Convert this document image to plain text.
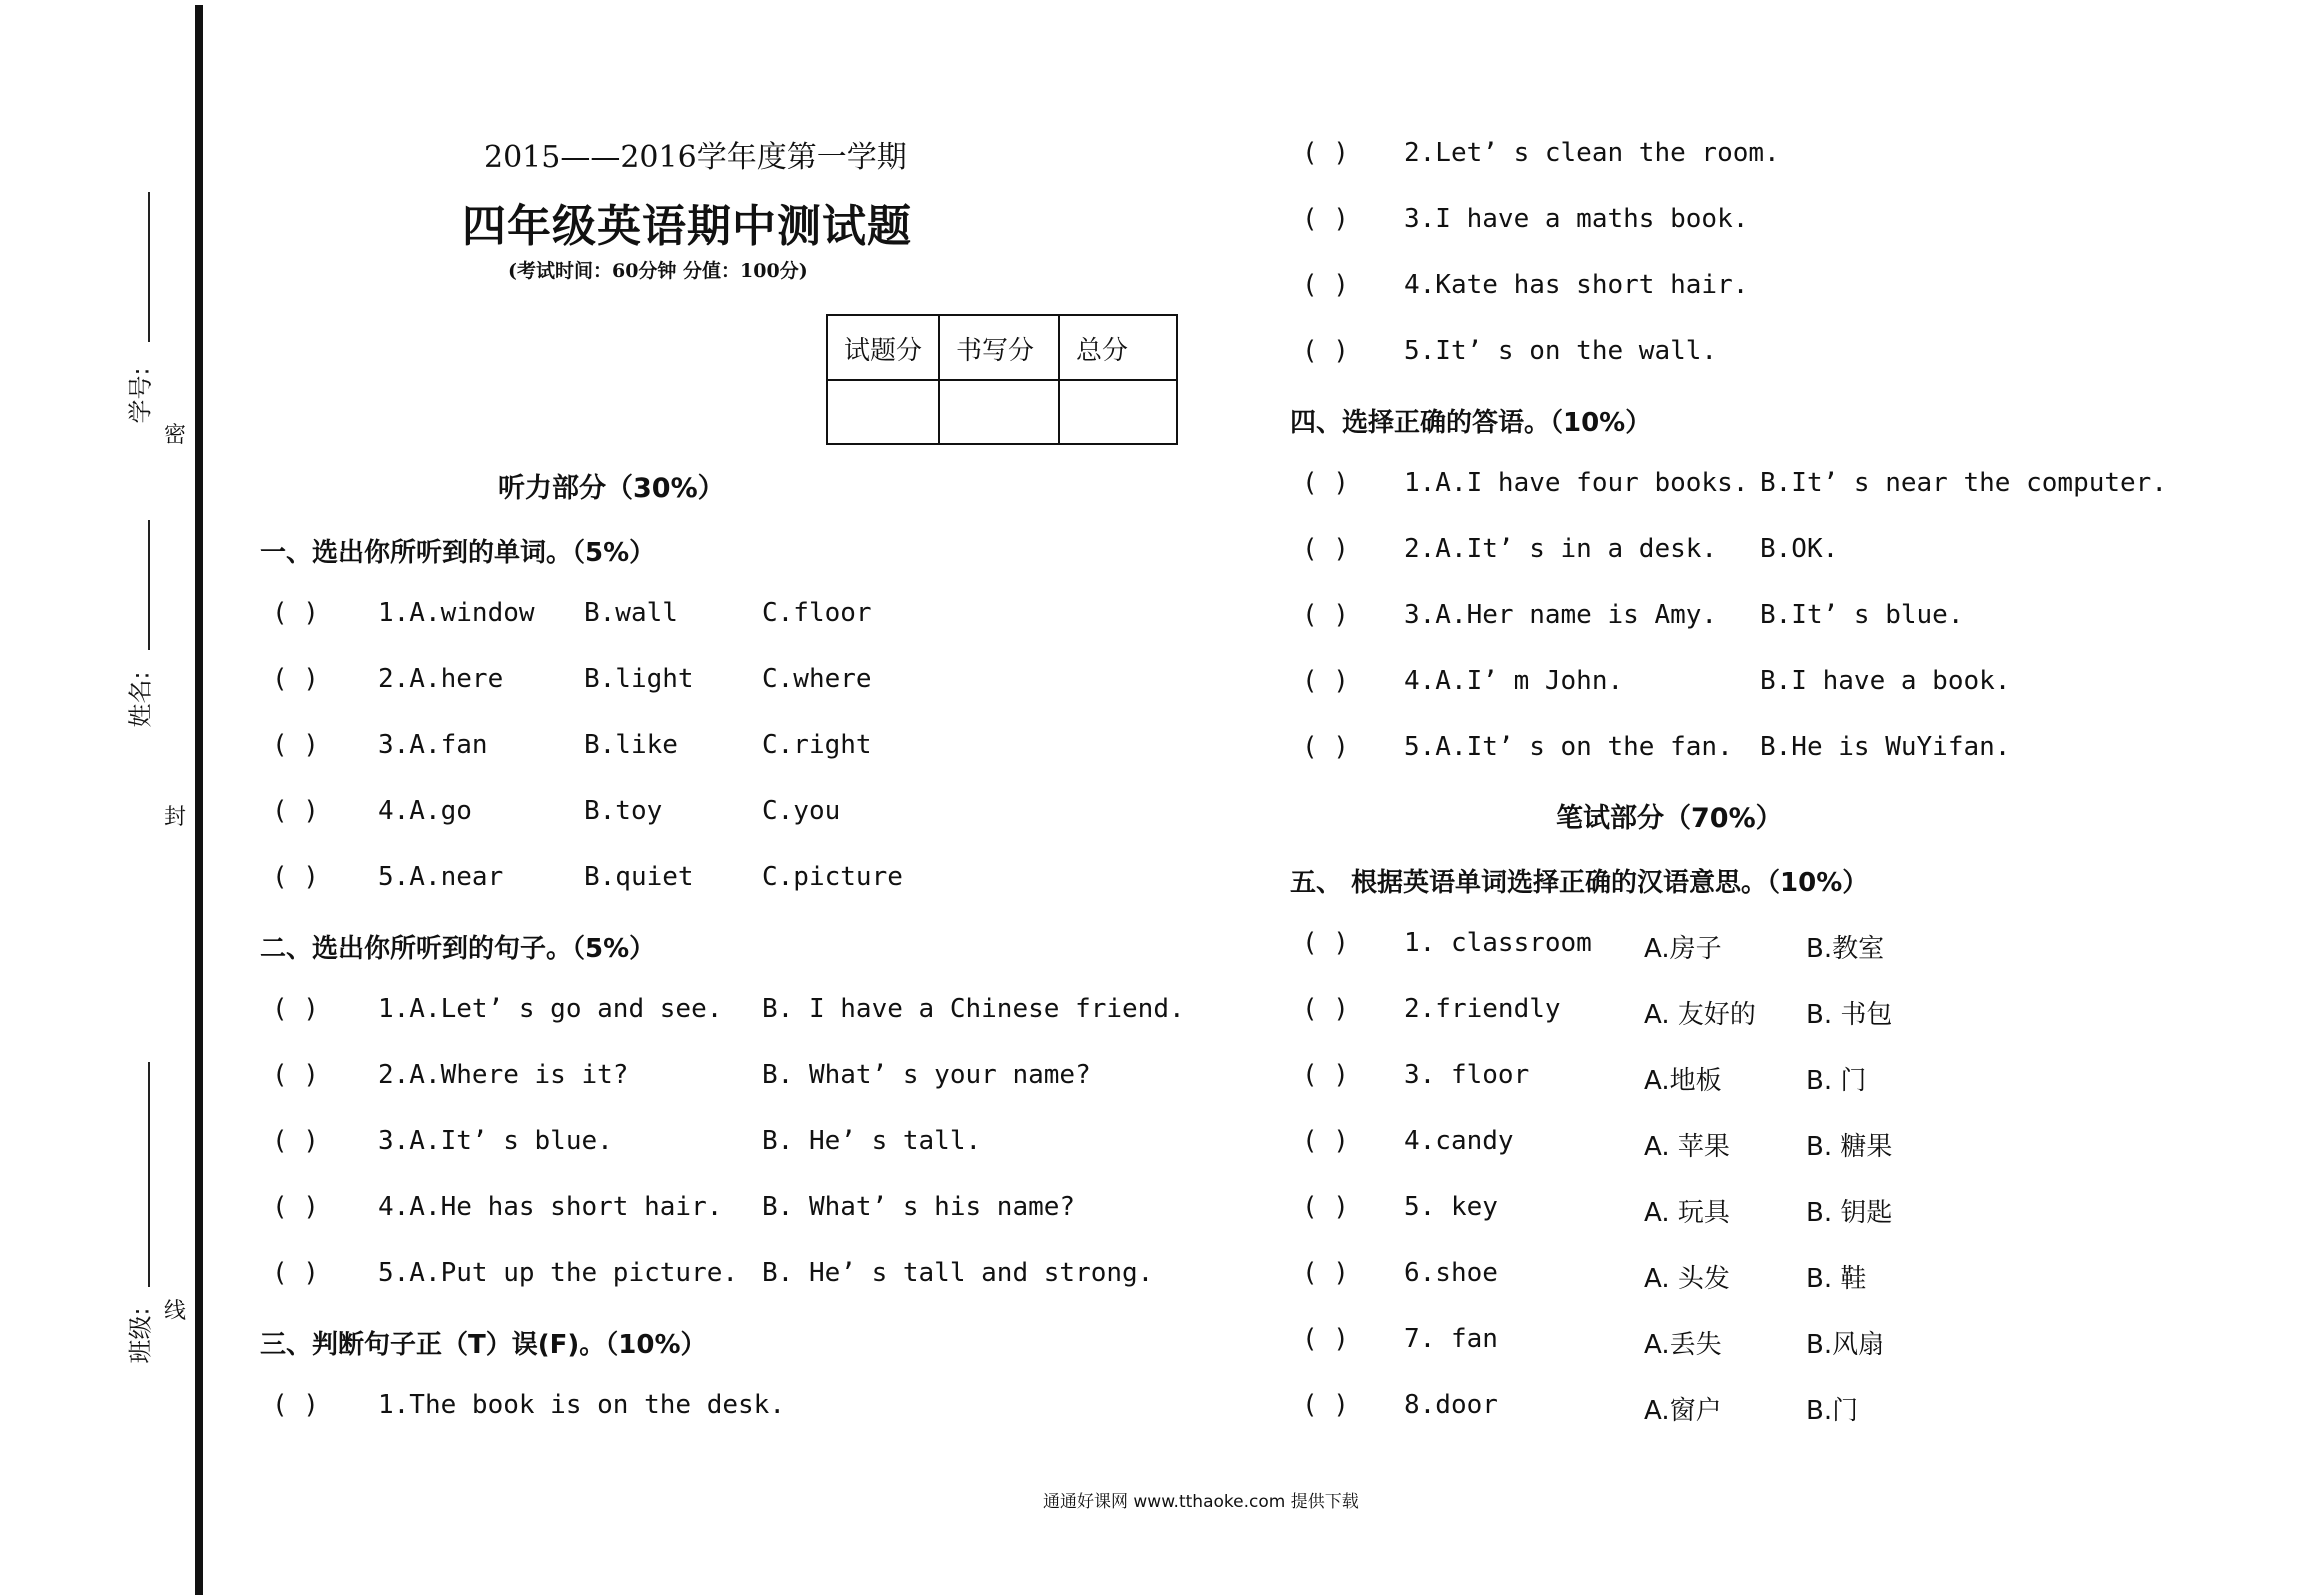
学号:
姓名:
班级:
密
封
线
2015——2016学年度第一学期
四年级英语期中测试题
(考试时间：60分钟 分值：100分)
试题分	书写分	总分
听力部分（30%）
一、选出你所听到的单词。（5%）
( ) 1.A.window B.wall	C.floor
( ) 2.A.here	B.light	C.where
( ) 3.A.fan	B.like	C.right
( ) 4.A.go	B.toy	C.you
( ) 5.A.near	B.quiet	C.picture
二、选出你所听到的句子。（5%）
( ) 1.A.Let’ s go and see. B. I have a Chinese friend.
( ) 2.A.Where is it?	B. What’ s your name?
( ) 3.A.It’ s blue.	B. He’ s tall.
( ) 4.A.He has short hair. B. What’ s his name?
( ) 5.A.Put up the picture. B. He’ s tall and strong.
三、判断句子正（T）误(F)。（10%）
( ) 1.The book is on the desk.
( ) 2.Let’ s clean the room.
( ) 3.I have a maths book.
( ) 4.Kate has short hair.
( ) 5.It’ s on the wall.
四、选择正确的答语。（10%）
( ) 1.A.I have four books. B.It’ s near the computer.
( ) 2.A.It’ s in a desk. B.OK.
( ) 3.A.Her name is Amy. B.It’ s blue.
( ) 4.A.I’ m John.	B.I have a book.
( ) 5.A.It’ s on the fan. B.He is WuYifan.
笔试部分（70%）
五、 根据英语单词选择正确的汉语意思。（10%）
( ) 1. classroom A.房子	B.教室
( ) 2.friendly	A. 友好的 B. 书包
( ) 3. floor	A.地板	B. 门
( ) 4.candy	A. 苹果	B. 糖果
( ) 5. key	A. 玩具	B. 钥匙
( ) 6.shoe	A. 头发	B. 鞋
( ) 7. fan	A.丢失	B.风扇
( ) 8.door	A.窗户	B.门
通通好课网 www.tthaoke.com 提供下载
